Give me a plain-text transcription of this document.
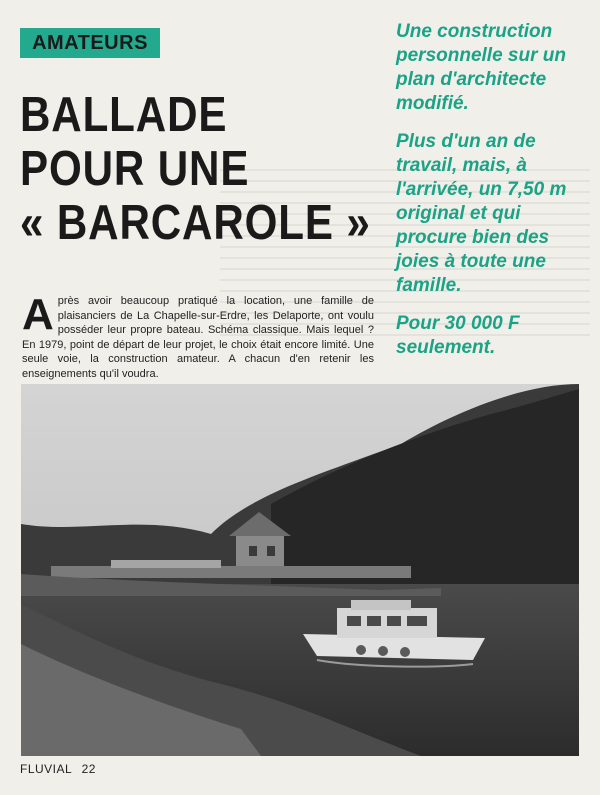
AMATEURS
BALLADE
POUR UNE
« BARCAROLE »

Une construction personnelle sur un plan d'architecte modifié.

Plus d'un an de travail, mais, à l'arrivée, un 7,50 m original et qui procure bien des joies à toute une famille.

Pour 30 000 F seulement.

Après avoir beaucoup pratiqué la location, une famille de plaisanciers de La Chapelle-sur-Erdre, les Delaporte, ont voulu posséder leur propre bateau. Schéma classique. Mais lequel ? En 1979, point de départ de leur projet, le choix était encore limité. Une seule voie, la construction amateur. A chacun d'en retenir les enseignements qu'il voudra.
FLUVIAL 22
